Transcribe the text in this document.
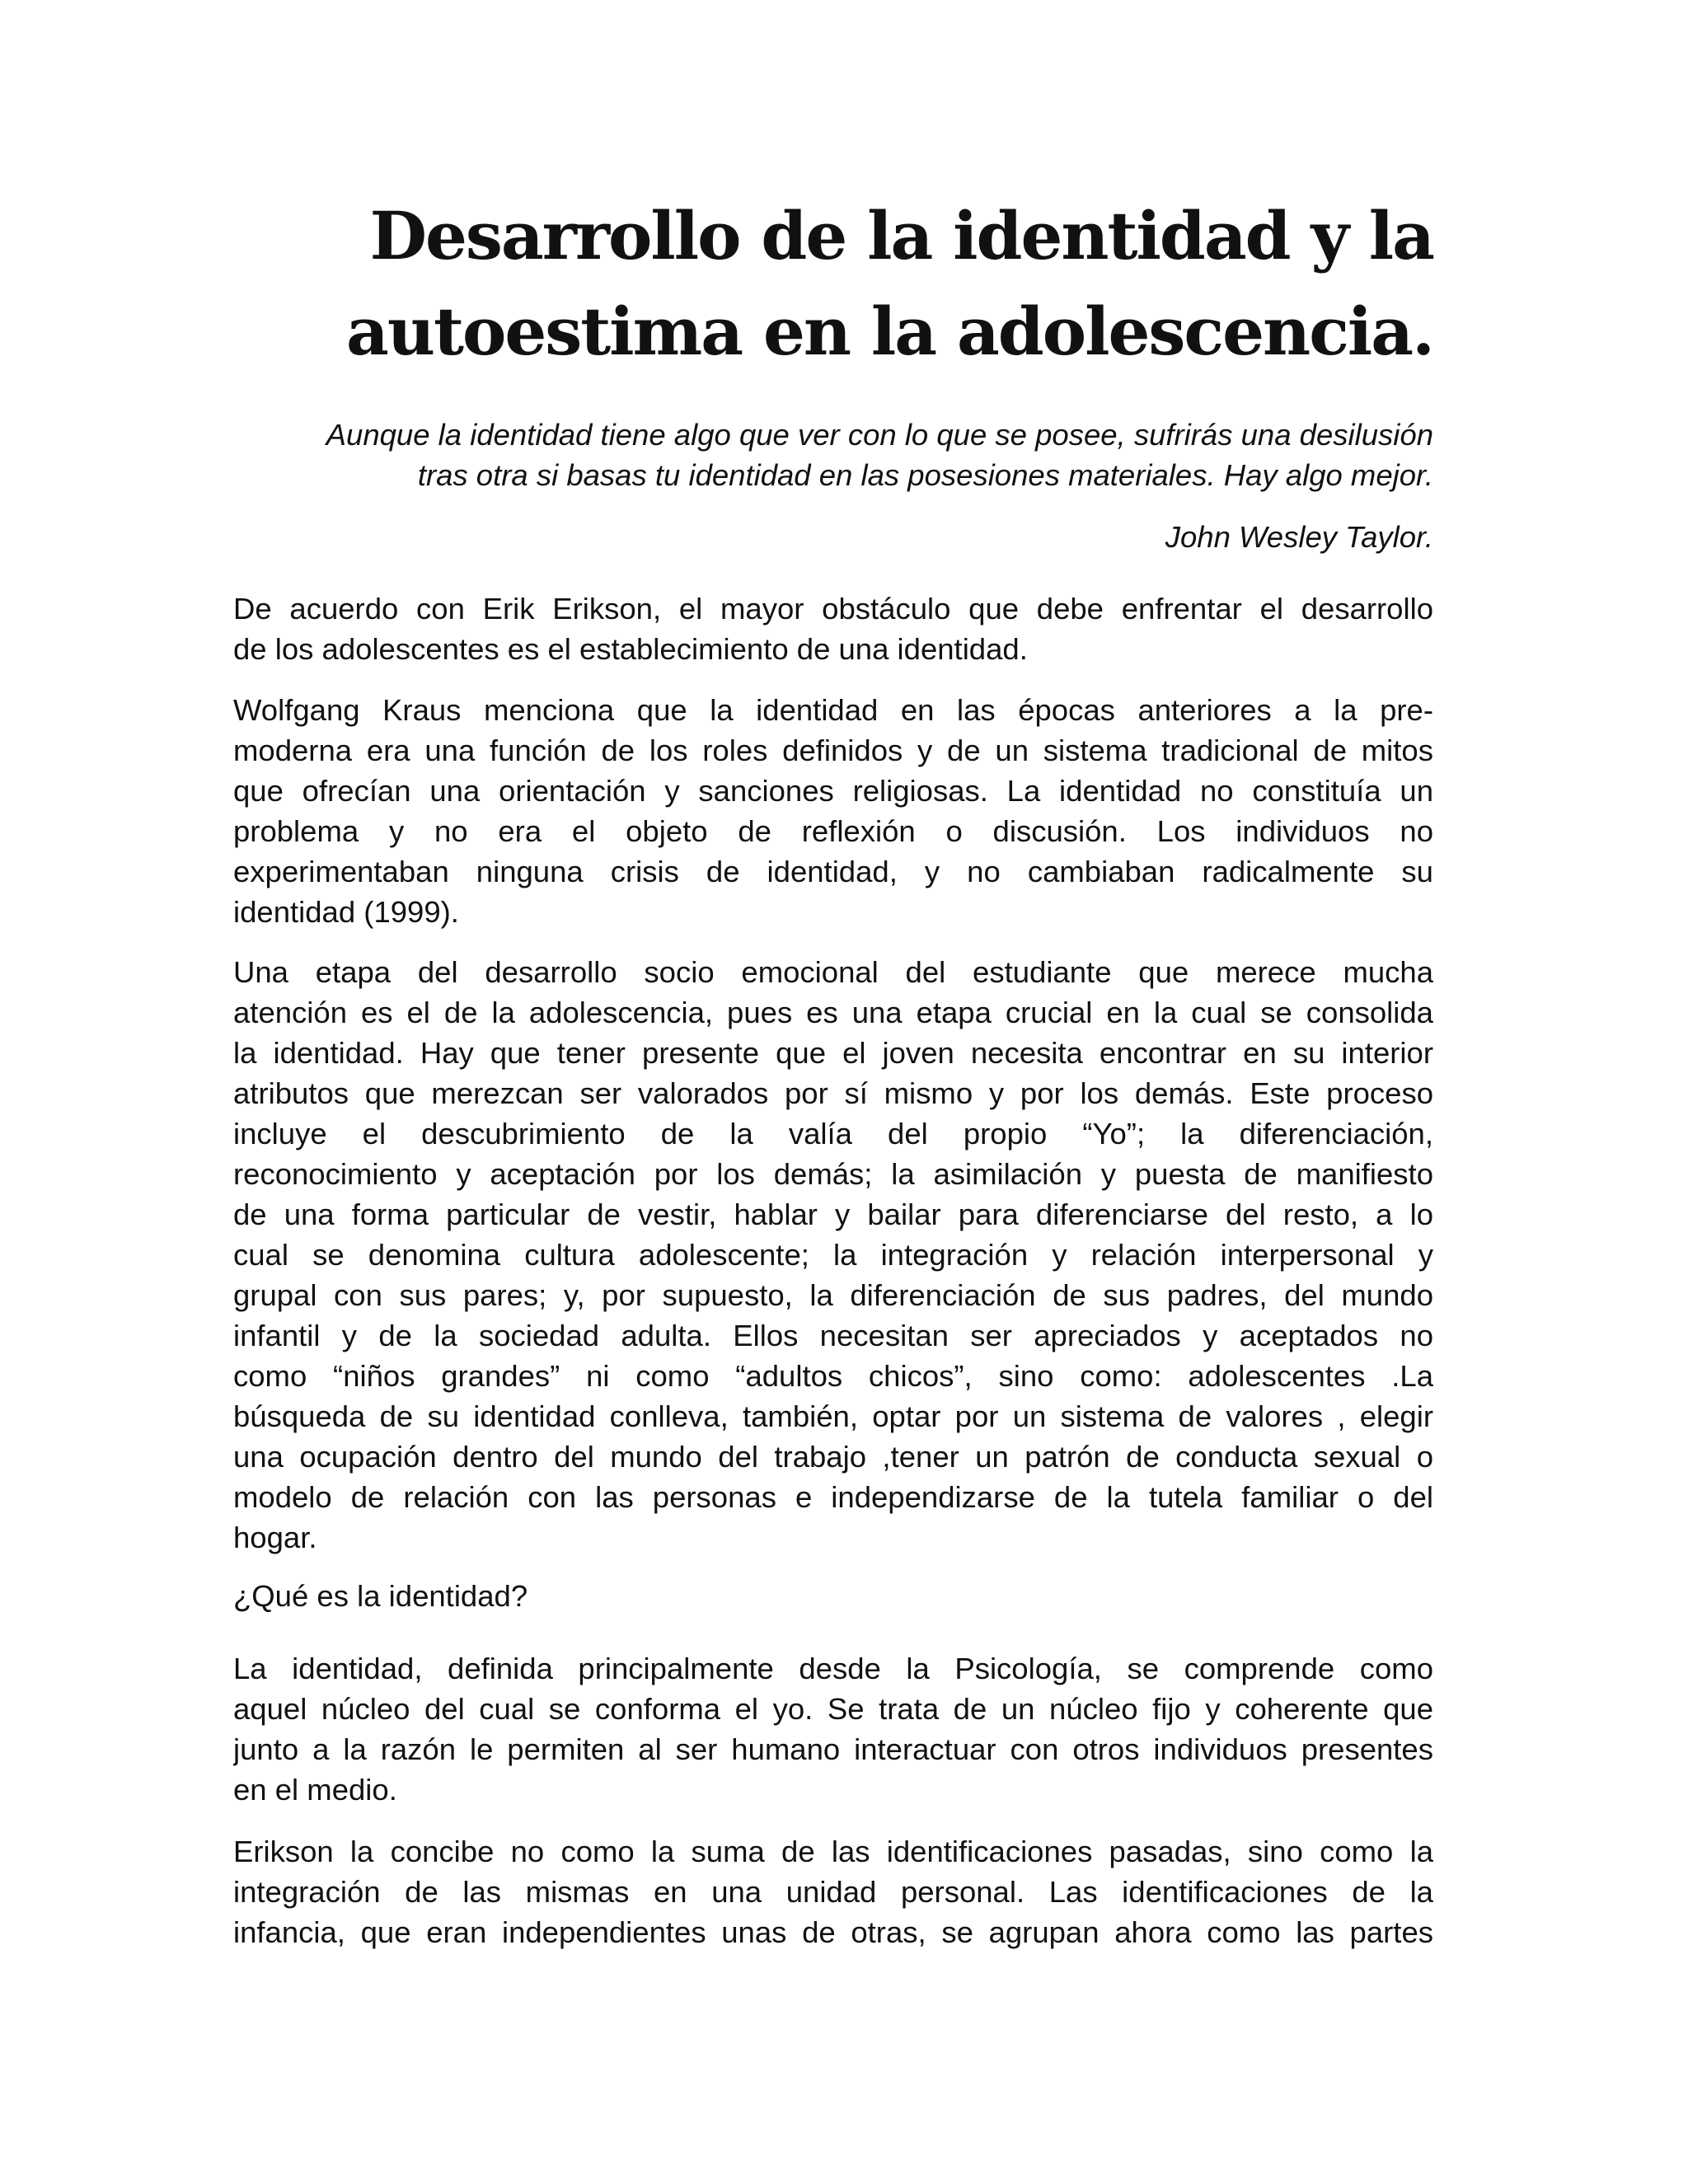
Desarrollo de la identidad y la
autoestima en la adolescencia.

Aunque la identidad tiene algo que ver con lo que se posee, sufrirás una desilusión
tras otra si basas tu identidad en las posesiones materiales. Hay algo mejor.

John Wesley Taylor.

De acuerdo con Erik Erikson, el mayor obstáculo que debe enfrentar el desarrollo
de los adolescentes es el establecimiento de una identidad.

Wolfgang Kraus menciona que la identidad en las épocas anteriores a la pre-
moderna era una función de los roles definidos y de un sistema tradicional de mitos
que ofrecían una orientación y sanciones religiosas. La identidad no constituía un
problema y no era el objeto de reflexión o discusión. Los individuos no
experimentaban ninguna crisis de identidad, y no cambiaban radicalmente su
identidad (1999).

Una etapa del desarrollo socio emocional del estudiante que merece mucha
atención es el de la adolescencia, pues es una etapa crucial en la cual se consolida
la identidad. Hay que tener presente que el joven necesita encontrar en su interior
atributos que merezcan ser valorados por sí mismo y por los demás. Este proceso
incluye el descubrimiento de la valía del propio “Yo”; la diferenciación,
reconocimiento y aceptación por los demás; la asimilación y puesta de manifiesto
de una forma particular de vestir, hablar y bailar para diferenciarse del resto, a lo
cual se denomina cultura adolescente; la integración y relación interpersonal y
grupal con sus pares; y, por supuesto, la diferenciación de sus padres, del mundo
infantil y de la sociedad adulta. Ellos necesitan ser apreciados y aceptados no
como “niños grandes” ni como “adultos chicos”, sino como: adolescentes .La
búsqueda de su identidad conlleva, también, optar por un sistema de valores , elegir
una ocupación dentro del mundo del trabajo ,tener un patrón de conducta sexual o
modelo de relación con las personas e independizarse de la tutela familiar o del
hogar.

¿Qué es la identidad?

La identidad, definida principalmente desde la Psicología, se comprende como
aquel núcleo del cual se conforma el yo. Se trata de un núcleo fijo y coherente que
junto a la razón le permiten al ser humano interactuar con otros individuos presentes
en el medio.

Erikson la concibe no como la suma de las identificaciones pasadas, sino como la
integración de las mismas en una unidad personal. Las identificaciones de la
infancia, que eran independientes unas de otras, se agrupan ahora como las partes
